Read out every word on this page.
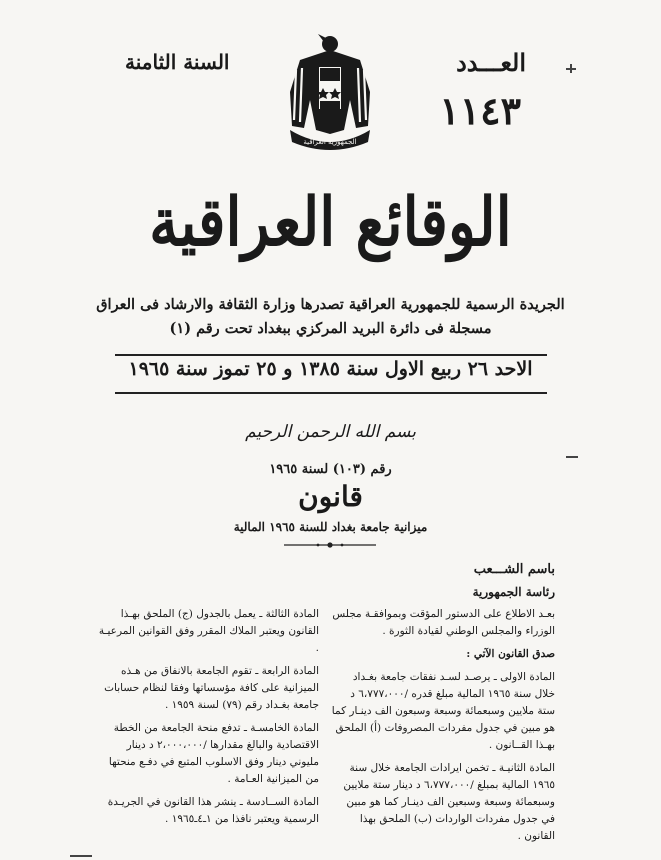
العـــدد
١١٤٣
السنة الثامنة
الجمهورية العراقية
الوقائع العراقية
الجريدة الرسمية للجمهورية العراقية تصدرها وزارة الثقافة والارشاد فى العراق
مسجلة فى دائرة البريد المركزي ببغداد تحت رقم (١)
الاحد ٢٦ ربيع الاول سنة ١٣٨٥ و ٢٥ تموز سنة ١٩٦٥
بسم الله الرحمن الرحيم
رقم (١٠٣) لسنة ١٩٦٥
قانون
ميزانية جامعة بغداد للسنة ١٩٦٥ المالية
باسم الشـــعب
رئاسة الجمهورية

بعـد الاطلاع على الدستور المؤقت وبموافقـة مجلس الوزراء والمجلس الوطني لقيادة الثورة .

صدق القانون الآتي :

المادة الاولى ـ يرصـد لسـد نفقات جامعة بغـداد خلال سنة ١٩٦٥ المالية مبلغ قدره /٦،٧٧٧،٠٠٠ د ستة ملايين وسبعمائة وسبعة وسبعون الف دينـار كما هو مبين في جدول مفردات المصروفات (أ) الملحق بهـذا القــانون .

المادة الثانيـة ـ تخمن ايرادات الجامعة خلال سنة ١٩٦٥ المالية بمبلغ /٦،٧٧٧،٠٠٠ د دينار ستة ملايين وسبعمائة وسبعة وسبعين الف دينـار كما هو مبين في جدول مفردات الواردات (ب) الملحق بهذا القانون .

المادة الثالثة ـ يعمل بالجدول (ج) الملحق بهـذا القانون ويعتبر الملاك المقرر وفق القوانين المرعيـة .

المادة الرابعة ـ تقوم الجامعة بالانفاق من هـذه الميزانية على كافة مؤسساتها وفقا لنظام حسابات جامعة بغـداد رقم (٧٩) لسنة ١٩٥٩ .

المادة الخامسـة ـ تدفع منحة الجامعة من الخطة الاقتصادية والبالغ مقدارها /٢،٠٠٠،٠٠٠ د دينار مليوني دينار وفق الاسلوب المتبع في دفـع منحتها من الميزانية العـامة .

المادة الســادسة ـ ينشر هذا القانون في الجريـدة الرسمية ويعتبر نافذا من ١ـ٤ـ١٩٦٥ .
